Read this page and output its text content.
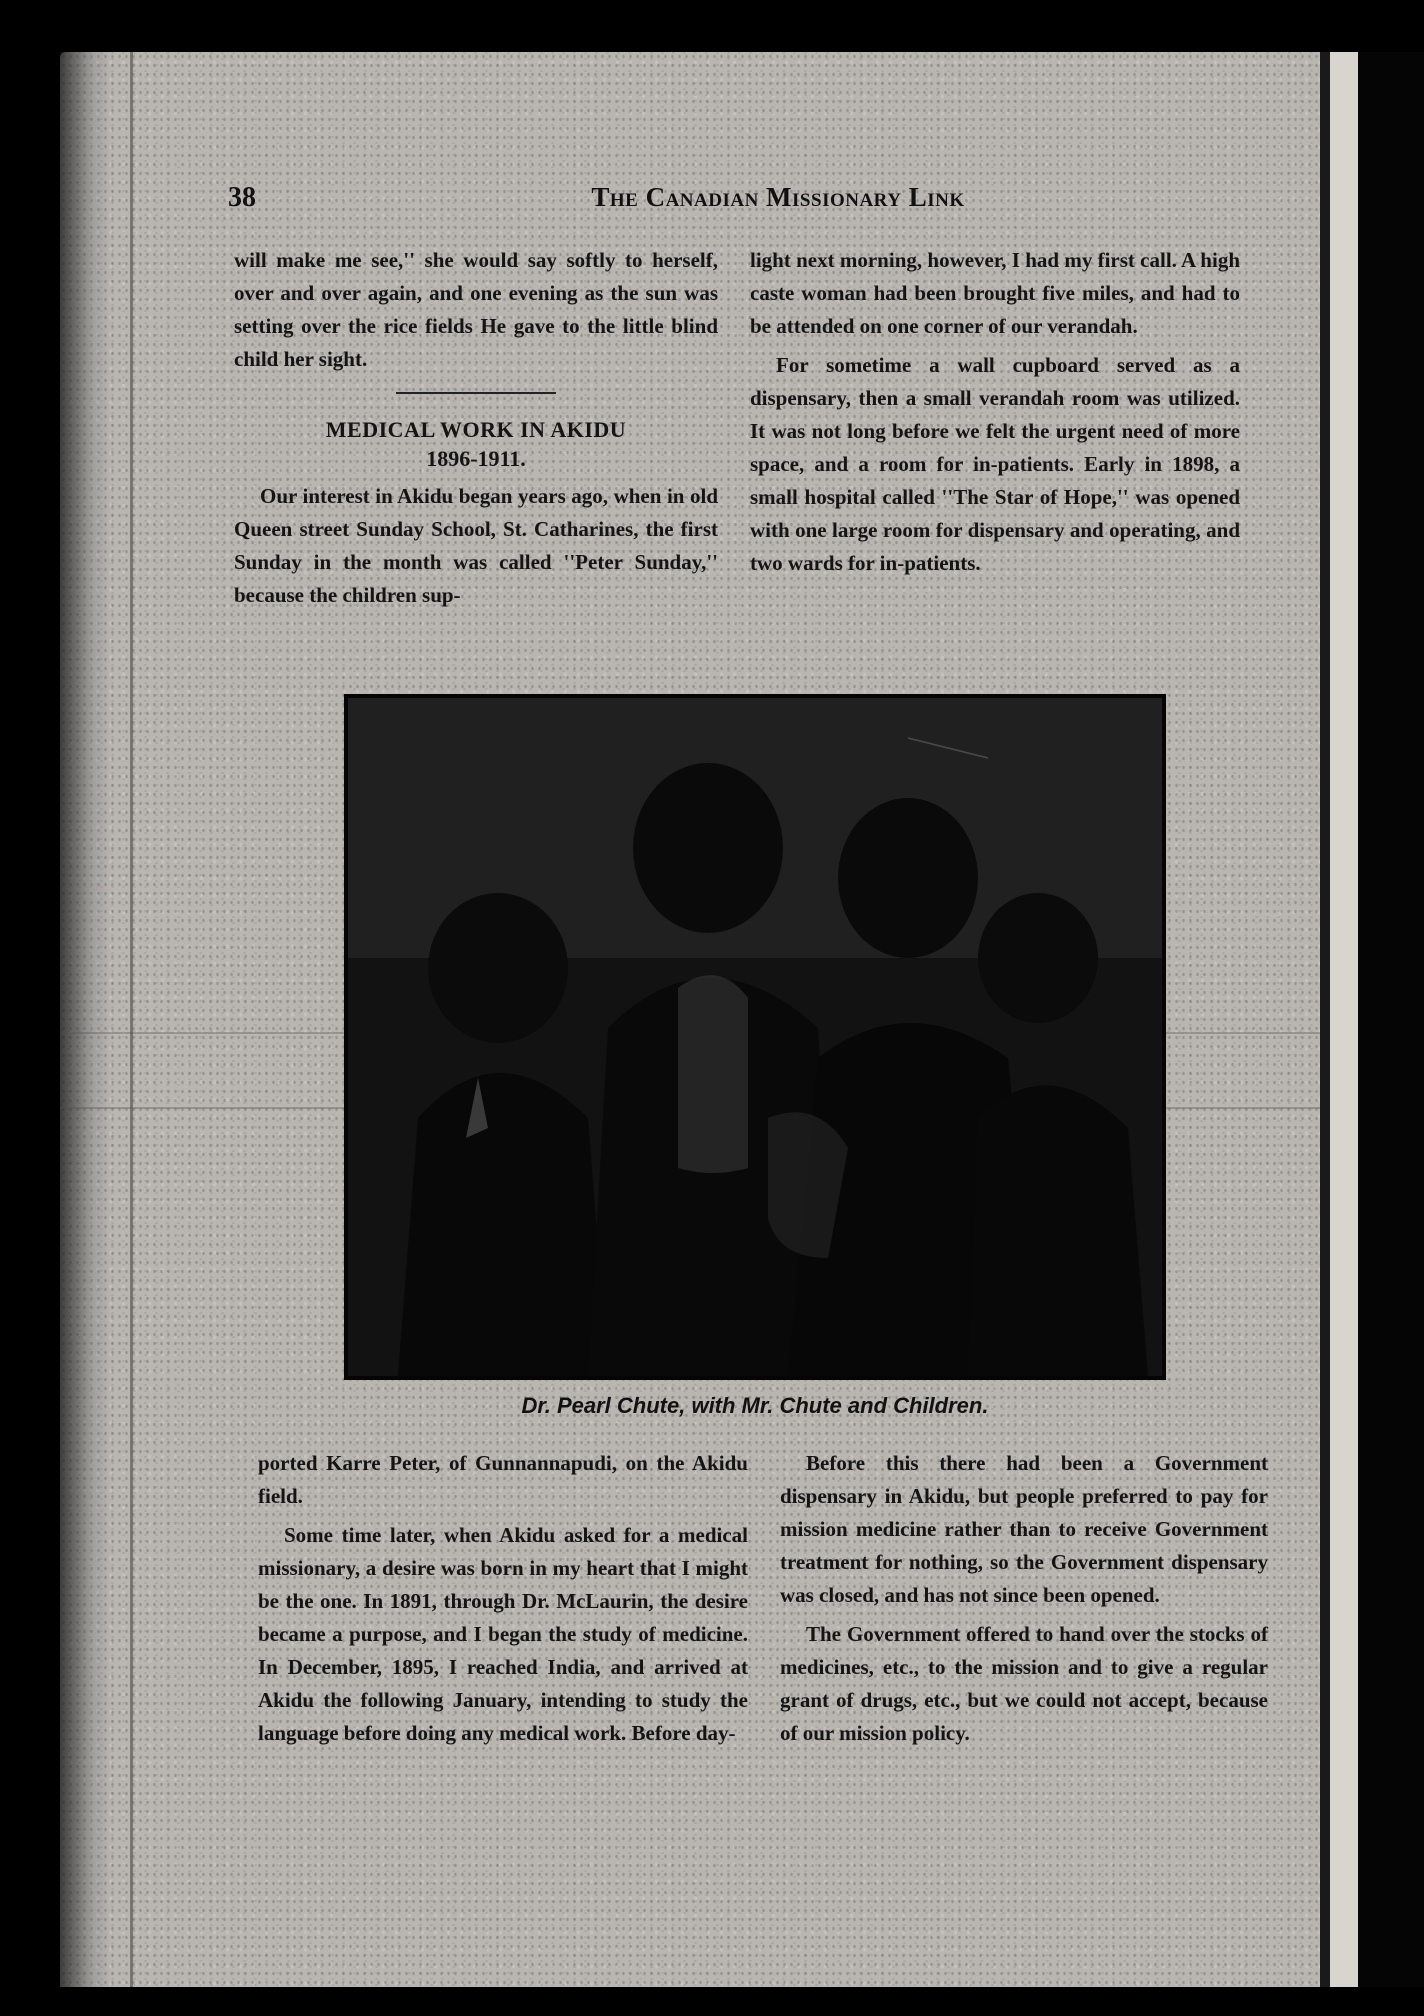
38	The Canadian Missionary Link

will make me see,'' she would say softly to herself, over and over again, and one evening as the sun was setting over the rice fields He gave to the little blind child her sight.

MEDICAL WORK IN AKIDU
1896-1911.

Our interest in Akidu began years ago, when in old Queen street Sunday School, St. Catharines, the first Sunday in the month was called ''Peter Sunday,'' because the children sup-

light next morning, however, I had my first call. A high caste woman had been brought five miles, and had to be attended on one corner of our verandah.

For sometime a wall cupboard served as a dispensary, then a small verandah room was utilized. It was not long before we felt the urgent need of more space, and a room for in-patients. Early in 1898, a small hospital called ''The Star of Hope,'' was opened with one large room for dispensary and operating, and two wards for in-patients.

Dr. Pearl Chute, with Mr. Chute and Children.

ported Karre Peter, of Gunnannapudi, on the Akidu field.

Some time later, when Akidu asked for a medical missionary, a desire was born in my heart that I might be the one. In 1891, through Dr. McLaurin, the desire became a purpose, and I began the study of medicine. In December, 1895, I reached India, and arrived at Akidu the following January, intending to study the language before doing any medical work. Before day-

Before this there had been a Government dispensary in Akidu, but people preferred to pay for mission medicine rather than to receive Government treatment for nothing, so the Government dispensary was closed, and has not since been opened.

The Government offered to hand over the stocks of medicines, etc., to the mission and to give a regular grant of drugs, etc., but we could not accept, because of our mission policy.
